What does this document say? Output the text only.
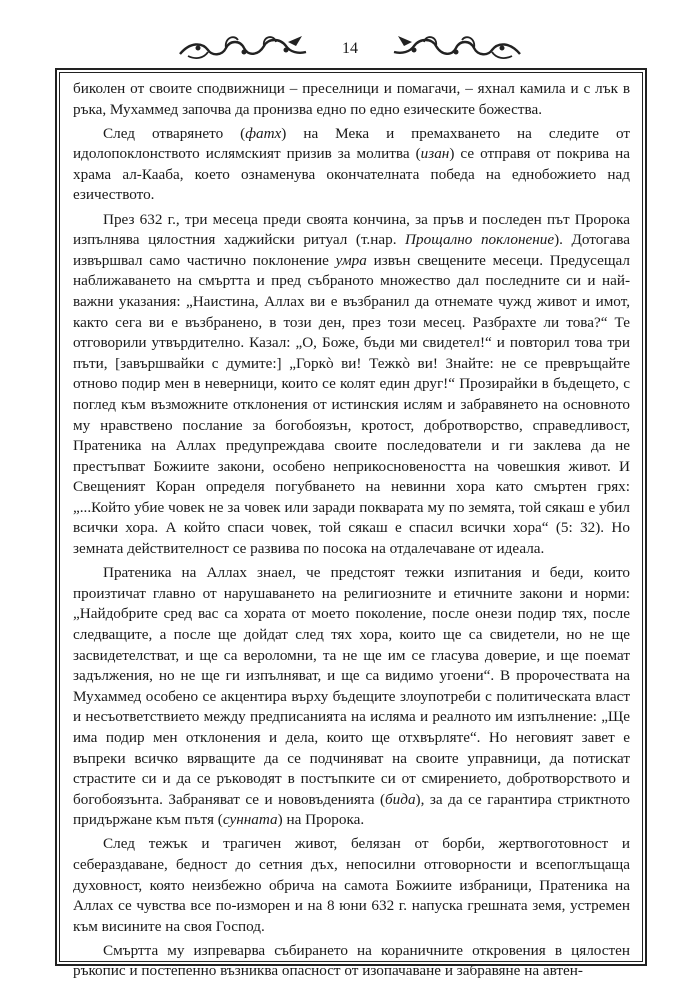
14

биколен от своите сподвижници – преселници и помагачи, – яхнал камила и с лък в ръка, Мухаммед започва да пронизва едно по едно езическите божества.

След отварянето (фатх) на Мека и премахването на следите от идолопоклонството ислямският призив за молитва (изан) се отправя от покрива на храма ал-Кааба, което ознаменува окончателната победа на еднобожието над езичеството.

През 632 г., три месеца преди своята кончина, за пръв и последен път Пророка изпълнява цялостния хаджийски ритуал (т.нар. Прощално поклонение). Дотогава извършвал само частично поклонение умра извън свещените месеци. Предусещал наближаването на смъртта и пред събраното множество дал последните си и най-важни указания: „Наистина, Аллах ви е възбранил да отнемате чужд живот и имот, както сега ви е възбранено, в този ден, през този месец. Разбрахте ли това?“ Те отговорили утвърдително. Казал: „О, Боже, бъди ми свидетел!“ и повторил това три пъти, [завършвайки с думите:] „Горкò ви! Тежкò ви! Знайте: не се превръщайте отново подир мен в неверници, които се колят един друг!“ Прозирайки в бъдещето, с поглед към възможните отклонения от истинския ислям и забравянето на основното му нравствено послание за богобоязън, кротост, добротворство, справедливост, Пратеника на Аллах предупреждава своите последователи и ги заклева да не престъпват Божиите закони, особено неприкосновеността на човешкия живот. И Свещеният Коран определя погубването на невинни хора като смъртен грях: „...Който убие човек не за човек или заради покварата му по земята, той сякаш е убил всички хора. А който спаси човек, той сякаш е спасил всички хора“ (5: 32). Но земната действителност се развива по посока на отдалечаване от идеала.

Пратеника на Аллах знаел, че предстоят тежки изпитания и беди, които произтичат главно от нарушаването на религиозните и етичните закони и норми: „Найдобрите сред вас са хората от моето поколение, после онези подир тях, после следващите, а после ще дойдат след тях хора, които ще са свидетели, но не ще засвидетелстват, и ще са вероломни, та не ще им се гласува доверие, и ще поемат задължения, но не ще ги изпълняват, и ще са видимо угоени“. В пророчествата на Мухаммед особено се акцентира върху бъдещите злоупотреби с политическата власт и несъответствието между предписанията на исляма и реалното им изпълнение: „Ще има подир мен отклонения и дела, които ще отхвърляте“. Но неговият завет е въпреки всичко вярващите да се подчиняват на своите управници, да потискат страстите си и да се ръководят в постъпките си от смирението, добротворството и богобоязънта. Забраняват се и нововъденията (бида), за да се гарантира стриктното придържане към пътя (сунната) на Пророка.

След тежък и трагичен живот, белязан от борби, жертвоготовност и себераздаване, бедност до сетния дъх, непосилни отговорности и всепоглъщаща духовност, която неизбежно обрича на самота Божиите избраници, Пратеника на Аллах се чувства все по-изморен и на 8 юни 632 г. напуска грешната земя, устремен към висините на своя Господ.

Смъртта му изпреварва събирането на кораничните откровения в цялостен ръкопис и постепенно възниква опасност от изопачаване и забравяне на автен-
